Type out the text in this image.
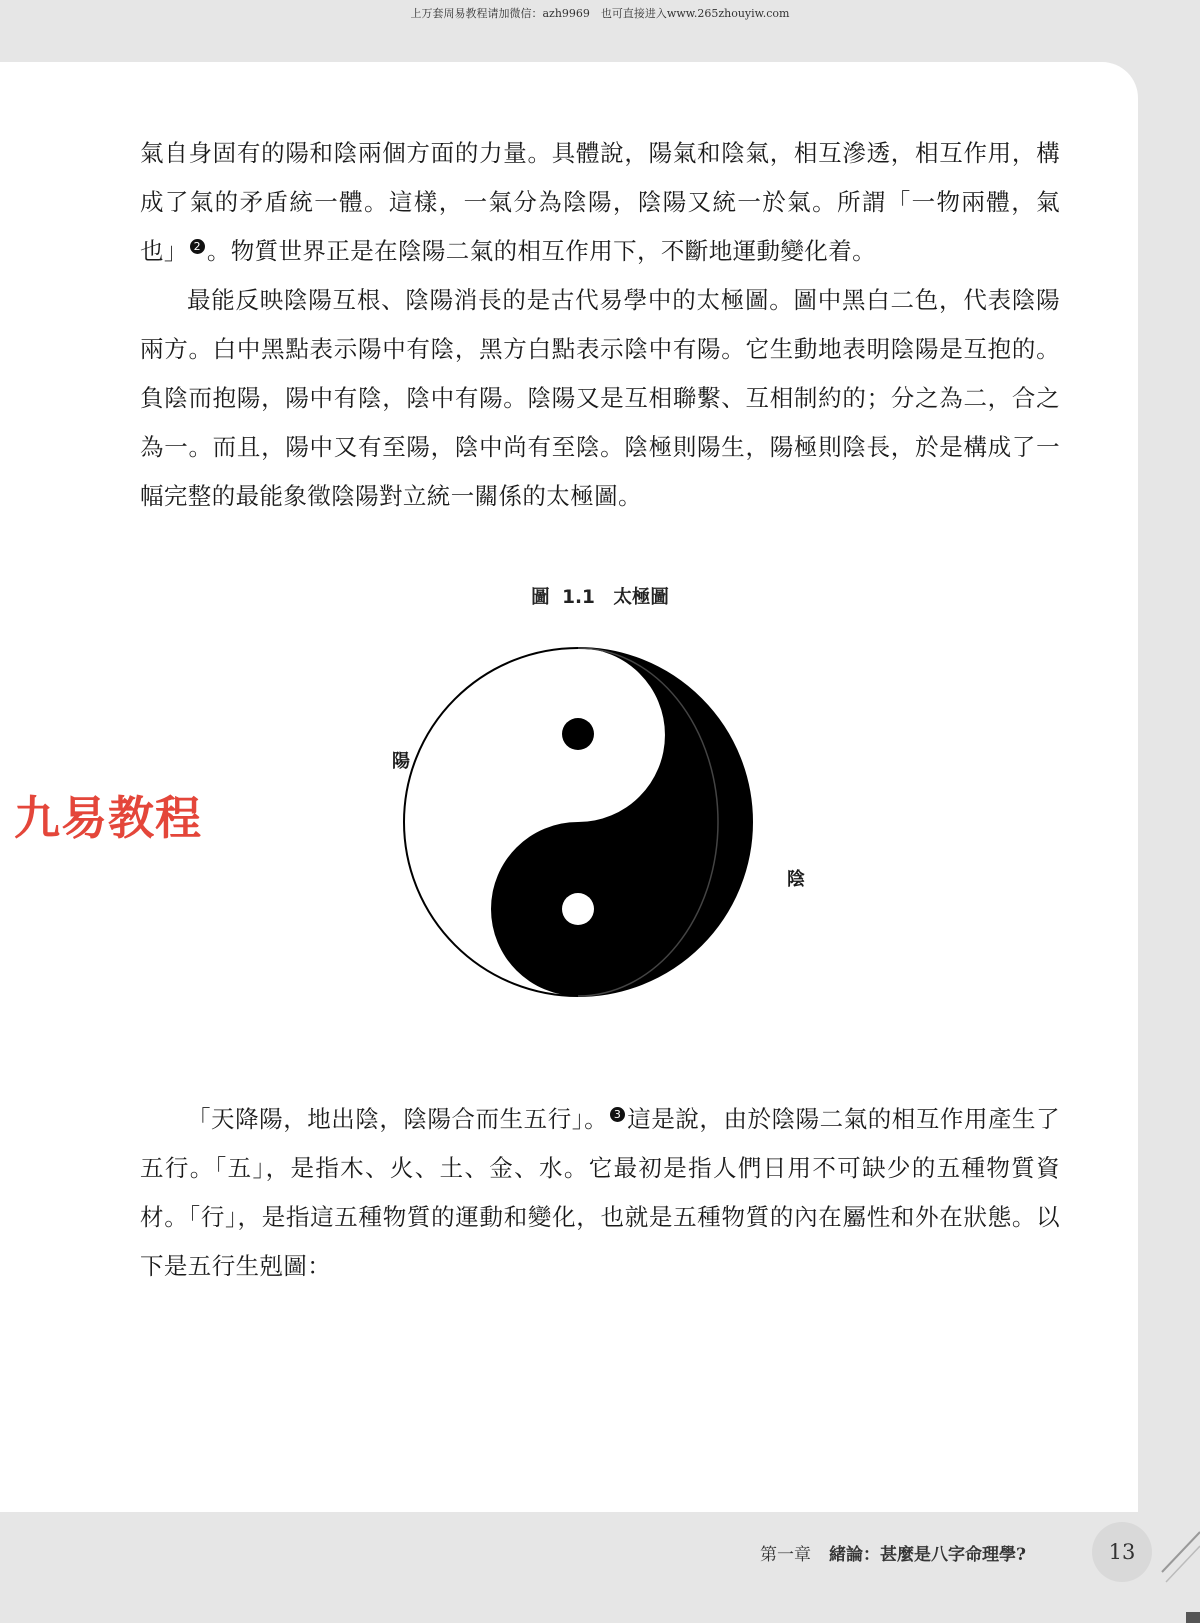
上万套周易教程请加微信：azh9969　也可直接进入www.265zhouyiw.com

氣自身固有的陽和陰兩個方面的力量。具體說，陽氣和陰氣，相互滲透，相互作用，構成了氣的矛盾統一體。這樣，一氣分為陰陽，陰陽又統一於氣。所謂「一物兩體，氣也」 2 。物質世界正是在陰陽二氣的相互作用下，不斷地運動變化着。

最能反映陰陽互根、陰陽消長的是古代易學中的太極圖。圖中黑白二色，代表陰陽兩方。白中黑點表示陽中有陰，黑方白點表示陰中有陽。它生動地表明陰陽是互抱的。負陰而抱陽，陽中有陰，陰中有陽。陰陽又是互相聯繫、互相制約的；分之為二，合之為一。而且，陽中又有至陽，陰中尚有至陰。陰極則陽生，陽極則陰長，於是構成了一幅完整的最能象徵陰陽對立統一關係的太極圖。

圖 1.1　太極圖
陽
陰
九易教程

「天降陽，地出陰，陰陽合而生五行」。 3 這是說，由於陰陽二氣的相互作用產生了五行。「五」，是指木、火、土、金、水。它最初是指人們日用不可缺少的五種物質資材。「行」，是指這五種物質的運動和變化，也就是五種物質的內在屬性和外在狀態。以下是五行生剋圖：

第一章 緒論：甚麼是八字命理學?	13
